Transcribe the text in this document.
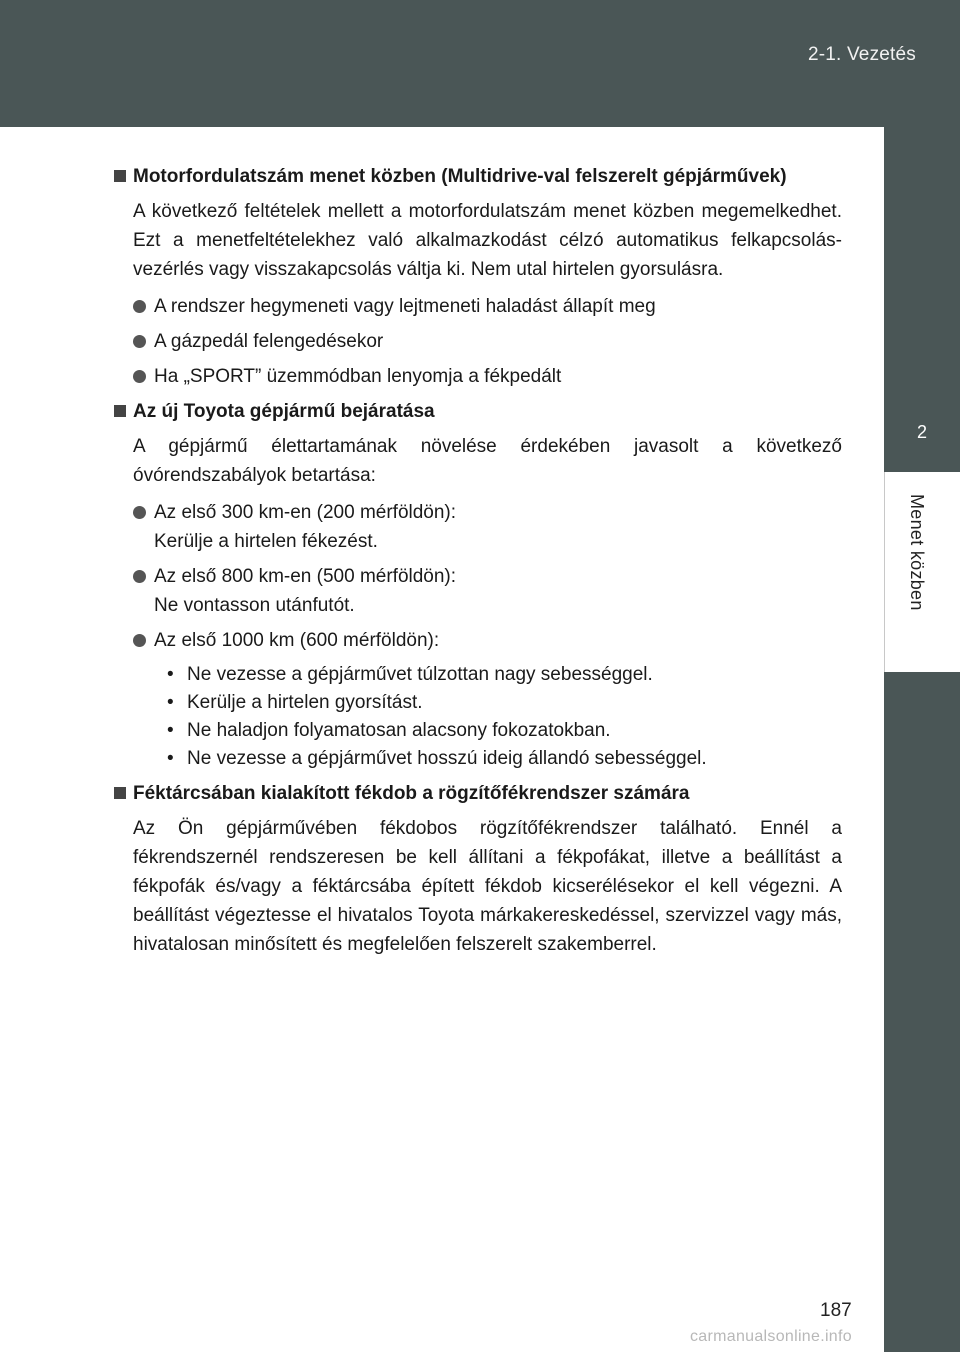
2-1. Vezetés
2
Menet közben
Motorfordulatszám menet közben (Multidrive-val felszerelt gépjárművek)
A következő feltételek mellett a motorfordulatszám menet közben megemelkedhet. Ezt a menetfeltételekhez való alkalmazkodást célzó automatikus felkapcsolás-vezérlés vagy visszakapcsolás váltja ki. Nem utal hirtelen gyorsulásra.
A rendszer hegymeneti vagy lejtmeneti haladást állapít meg
A gázpedál felengedésekor
Ha „SPORT” üzemmódban lenyomja a fékpedált
Az új Toyota gépjármű bejáratása
A gépjármű élettartamának növelése érdekében javasolt a következő óvórendszabályok betartása:
Az első 300 km-en (200 mérföldön):
Kerülje a hirtelen fékezést.
Az első 800 km-en (500 mérföldön):
Ne vontasson utánfutót.
Az első 1000 km (600 mérföldön):
• Ne vezesse a gépjárművet túlzottan nagy sebességgel.
• Kerülje a hirtelen gyorsítást.
• Ne haladjon folyamatosan alacsony fokozatokban.
• Ne vezesse a gépjárművet hosszú ideig állandó sebességgel.
Féktárcsában kialakított fékdob a rögzítőfékrendszer számára
Az Ön gépjárművében fékdobos rögzítőfékrendszer található. Ennél a fékrendszernél rendszeresen be kell állítani a fékpofákat, illetve a beállítást a fékpofák és/vagy a féktárcsába épített fékdob kicserélésekor el kell végezni. A beállítást végeztesse el hivatalos Toyota márkakereskedéssel, szervizzel vagy más, hivatalosan minősített és megfelelően felszerelt szakemberrel.
187
carmanualsonline.info
